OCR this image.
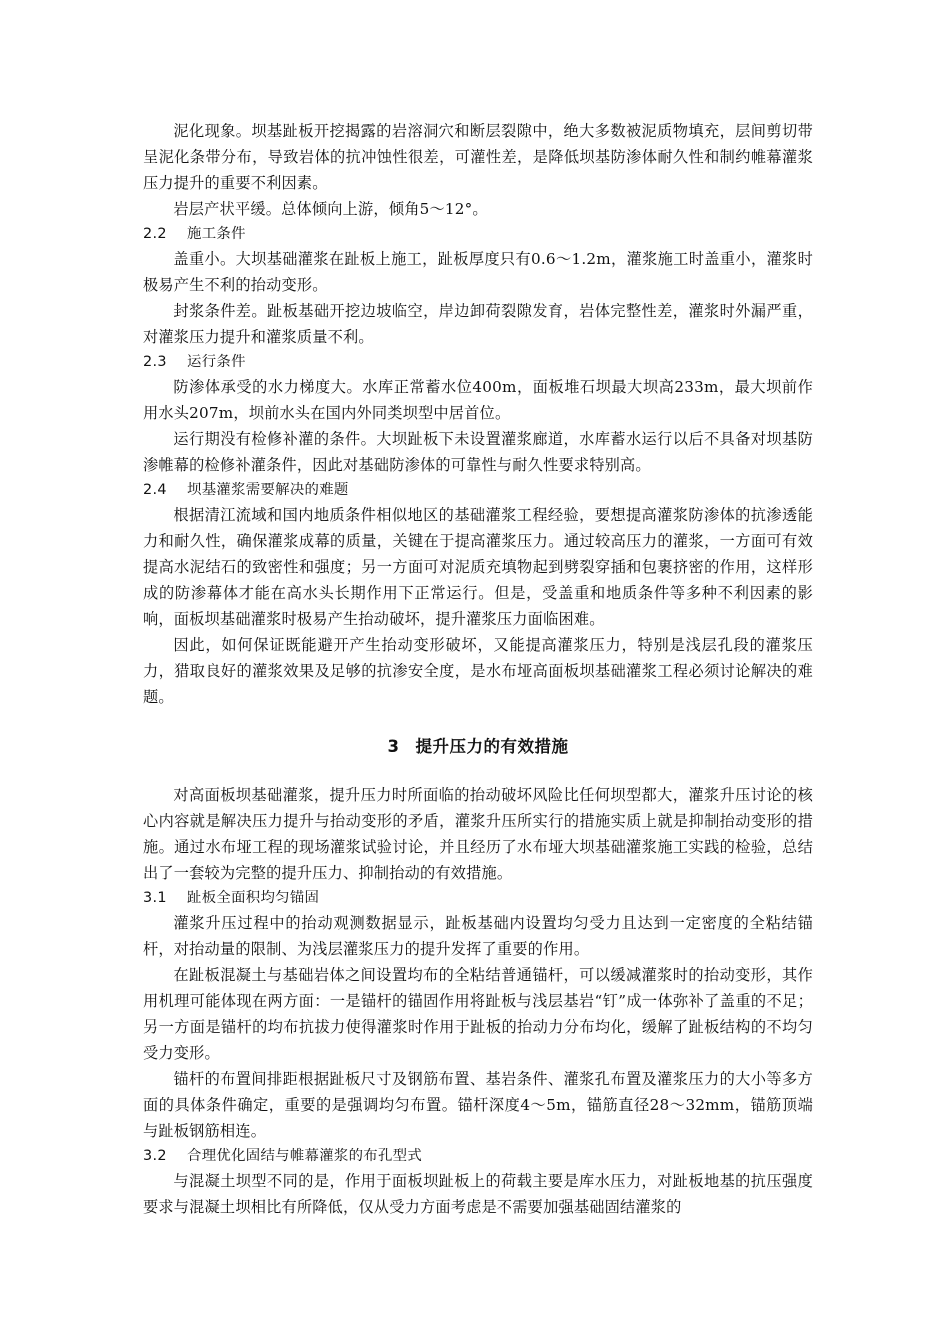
泥化现象。坝基趾板开挖揭露的岩溶洞穴和断层裂隙中，绝大多数被泥质物填充，层间剪切带呈泥化条带分布，导致岩体的抗冲蚀性很差，可灌性差，是降低坝基防渗体耐久性和制约帷幕灌浆压力提升的重要不利因素。

岩层产状平缓。总体倾向上游，倾角5～12°。

2.2 施工条件

盖重小。大坝基础灌浆在趾板上施工，趾板厚度只有0.6～1.2m，灌浆施工时盖重小，灌浆时极易产生不利的抬动变形。

封浆条件差。趾板基础开挖边坡临空，岸边卸荷裂隙发育，岩体完整性差，灌浆时外漏严重，对灌浆压力提升和灌浆质量不利。

2.3 运行条件

防渗体承受的水力梯度大。水库正常蓄水位400m，面板堆石坝最大坝高233m，最大坝前作用水头207m，坝前水头在国内外同类坝型中居首位。

运行期没有检修补灌的条件。大坝趾板下未设置灌浆廊道，水库蓄水运行以后不具备对坝基防渗帷幕的检修补灌条件，因此对基础防渗体的可靠性与耐久性要求特别高。

2.4 坝基灌浆需要解决的难题

根据清江流域和国内地质条件相似地区的基础灌浆工程经验，要想提高灌浆防渗体的抗渗透能力和耐久性，确保灌浆成幕的质量，关键在于提高灌浆压力。通过较高压力的灌浆，一方面可有效提高水泥结石的致密性和强度；另一方面可对泥质充填物起到劈裂穿插和包裹挤密的作用，这样形成的防渗幕体才能在高水头长期作用下正常运行。但是，受盖重和地质条件等多种不利因素的影响，面板坝基础灌浆时极易产生抬动破坏，提升灌浆压力面临困难。

因此，如何保证既能避开产生抬动变形破坏，又能提高灌浆压力，特别是浅层孔段的灌浆压力，猎取良好的灌浆效果及足够的抗渗安全度，是水布垭高面板坝基础灌浆工程必须讨论解决的难题。

3 提升压力的有效措施

对高面板坝基础灌浆，提升压力时所面临的抬动破坏风险比任何坝型都大，灌浆升压讨论的核心内容就是解决压力提升与抬动变形的矛盾，灌浆升压所实行的措施实质上就是抑制抬动变形的措施。通过水布垭工程的现场灌浆试验讨论，并且经历了水布垭大坝基础灌浆施工实践的检验，总结出了一套较为完整的提升压力、抑制抬动的有效措施。

3.1 趾板全面积均匀锚固

灌浆升压过程中的抬动观测数据显示，趾板基础内设置均匀受力且达到一定密度的全粘结锚杆，对抬动量的限制、为浅层灌浆压力的提升发挥了重要的作用。

在趾板混凝土与基础岩体之间设置均布的全粘结普通锚杆，可以缓减灌浆时的抬动变形，其作用机理可能体现在两方面：一是锚杆的锚固作用将趾板与浅层基岩“钉”成一体弥补了盖重的不足；另一方面是锚杆的均布抗拔力使得灌浆时作用于趾板的抬动力分布均化，缓解了趾板结构的不均匀受力变形。

锚杆的布置间排距根据趾板尺寸及钢筋布置、基岩条件、灌浆孔布置及灌浆压力的大小等多方面的具体条件确定，重要的是强调均匀布置。锚杆深度4～5m，锚筋直径28～32mm，锚筋顶端与趾板钢筋相连。

3.2 合理优化固结与帷幕灌浆的布孔型式

与混凝土坝型不同的是，作用于面板坝趾板上的荷载主要是库水压力，对趾板地基的抗压强度要求与混凝土坝相比有所降低，仅从受力方面考虑是不需要加强基础固结灌浆的
